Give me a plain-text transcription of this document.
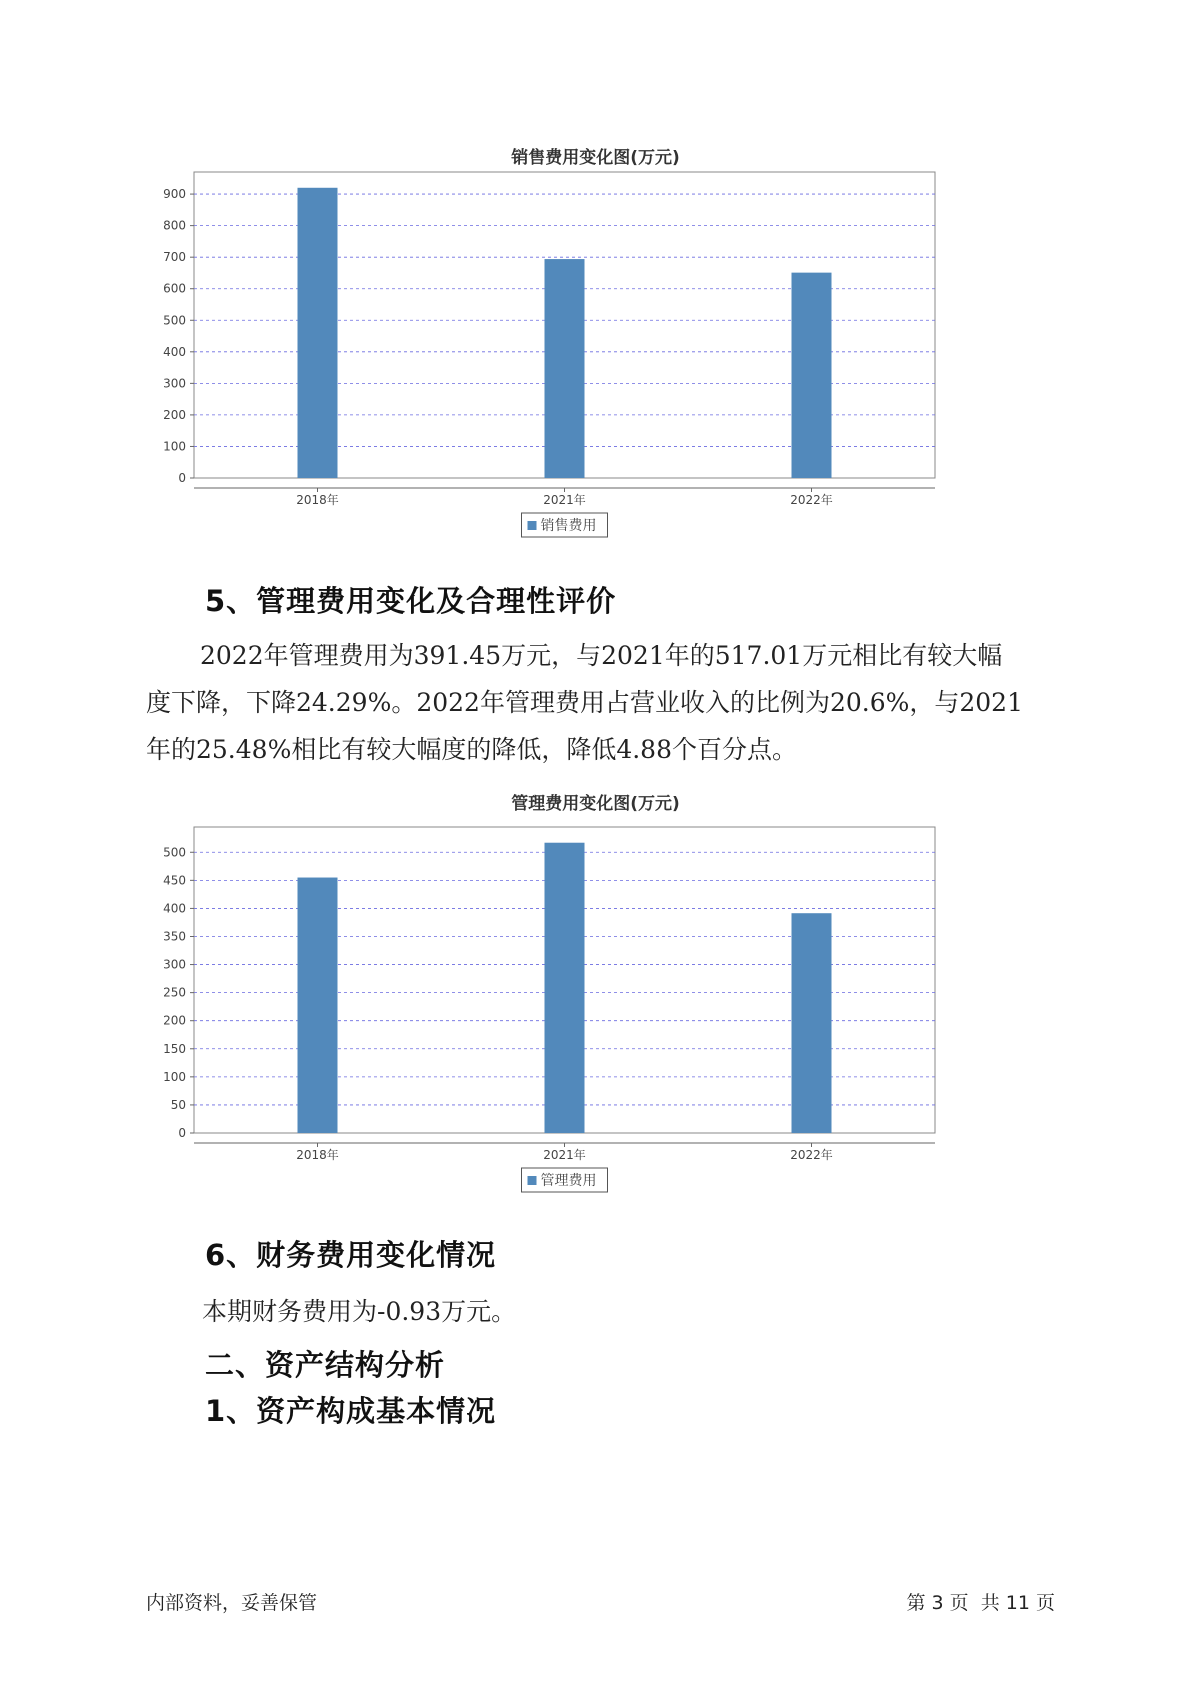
销售费用变化图(万元)
0
100
200
300
400
500
600
700
800
900
2018年	2021年	2022年
销售费用
5、管理费用变化及合理性评价
2022年管理费用为391.45万元，与2021年的517.01万元相比有较大幅
度下降，下降24.29%。2022年管理费用占营业收入的比例为20.6%，与2021
年的25.48%相比有较大幅度的降低，降低4.88个百分点。
管理费用变化图(万元)
0
50
100
150
200
250
300
350
400
450
500
2018年	2021年	2022年
管理费用
6、财务费用变化情况
本期财务费用为-0.93万元。
二、资产结构分析
1、资产构成基本情况
内部资料，妥善保管	第 3 页  共 11 页
